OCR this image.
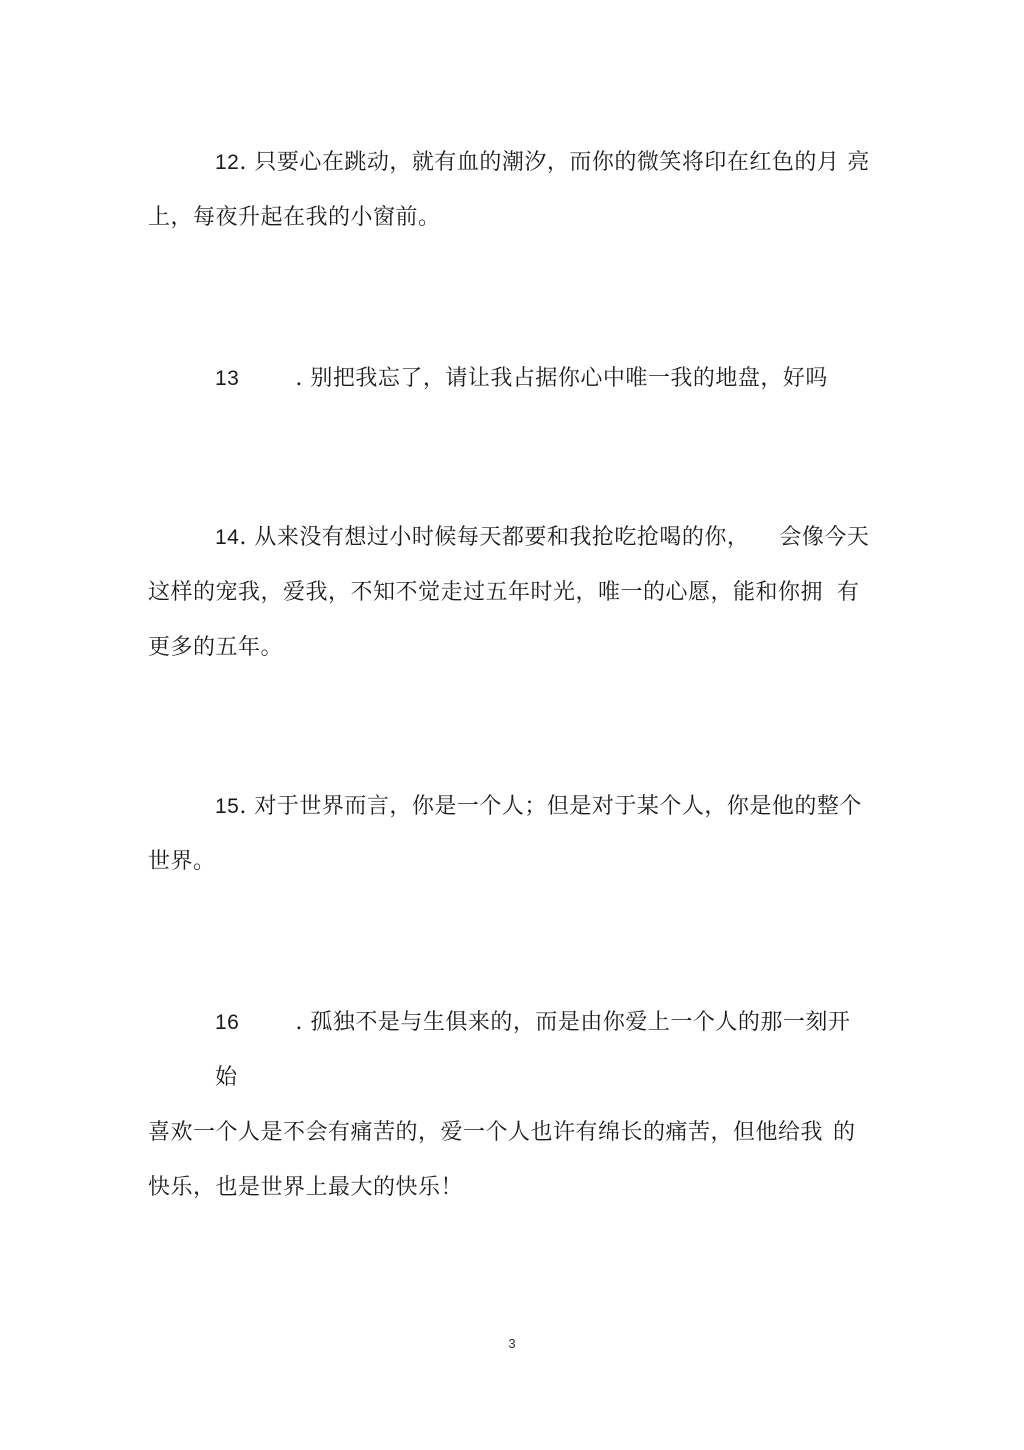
12. 只要心在跳动，就有血的潮汐，而你的微笑将印在红色的月 亮
上，每夜升起在我的小窗前。
13	. 别把我忘了，请让我占据你心中唯一我的地盘，好吗
14. 从来没有想过小时候每天都要和我抢吃抢喝的你， 会像今天
这样的宠我，爱我，不知不觉走过五年时光，唯一的心愿，能和你拥 有
更多的五年。
15. 对于世界而言，你是一个人；但是对于某个人，你是他的整个
世界。
16	. 孤独不是与生俱来的，而是由你爱上一个人的那一刻开
始
喜欢一个人是不会有痛苦的，爱一个人也许有绵长的痛苦，但他给我 的
快乐，也是世界上最大的快乐！
3
